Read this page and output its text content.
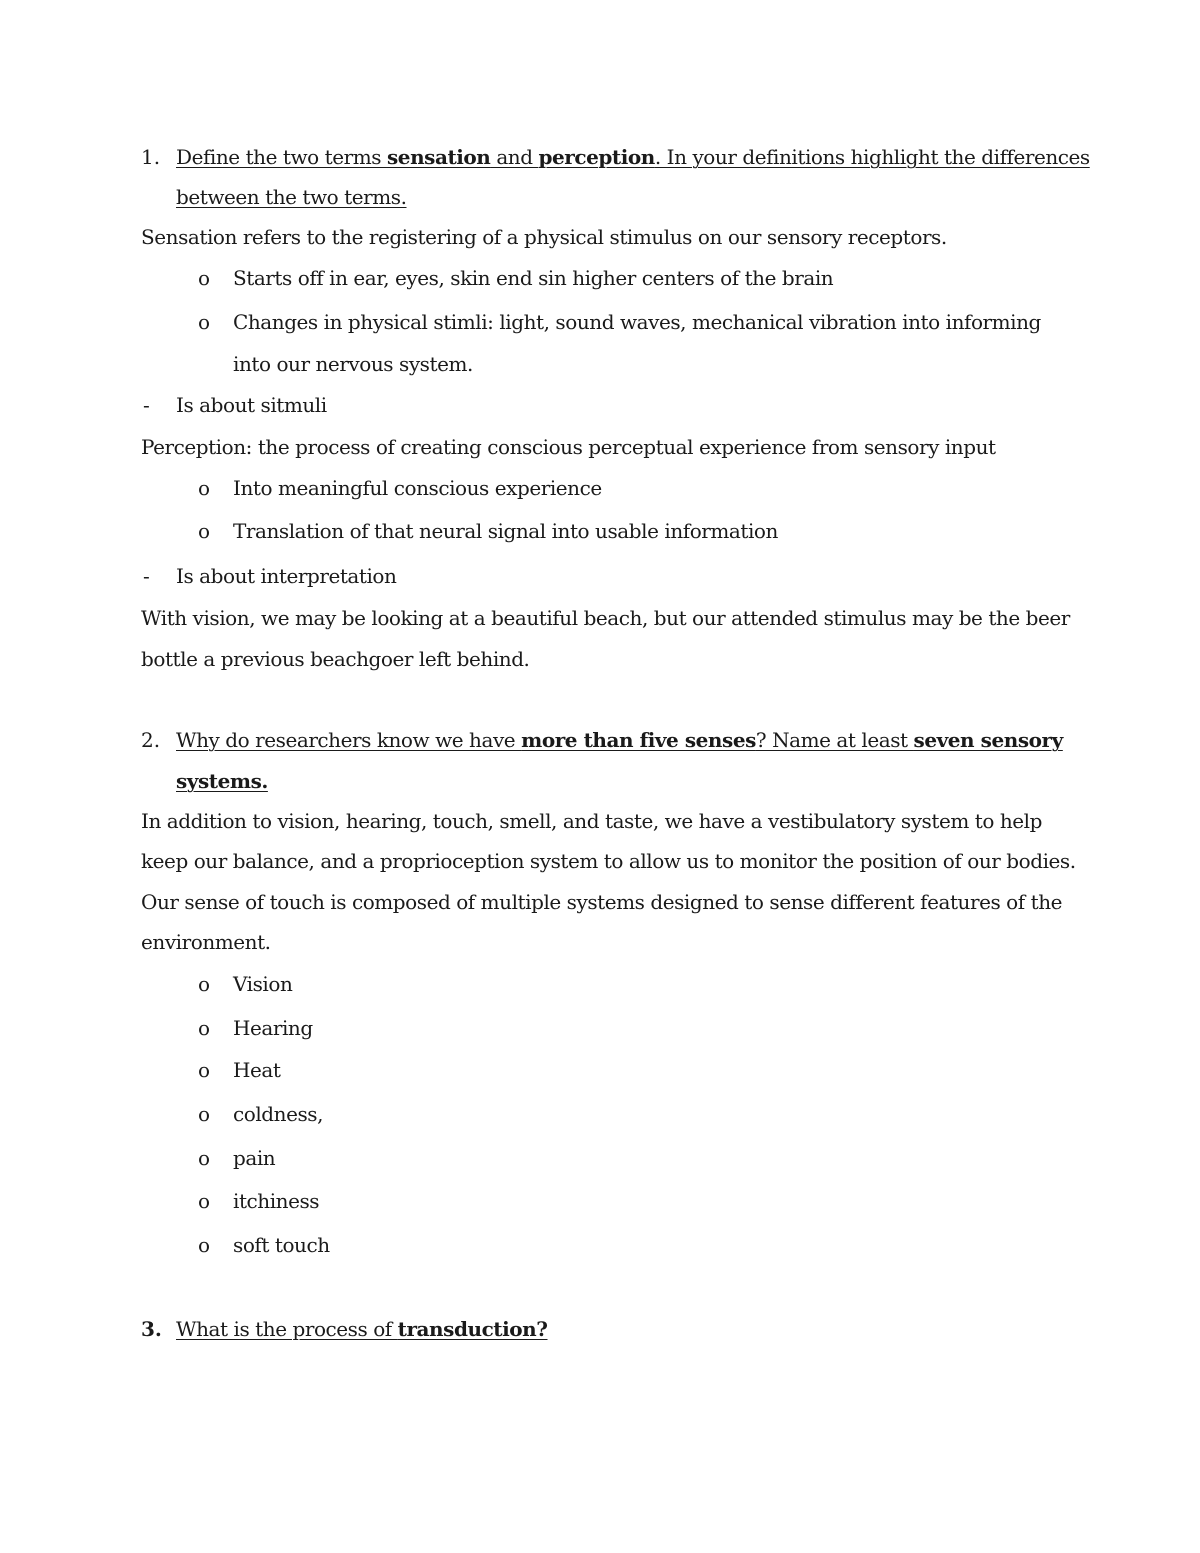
1. Define the two terms sensation and perception. In your definitions highlight the differences
between the two terms.
Sensation refers to the registering of a physical stimulus on our sensory receptors.
o Starts off in ear, eyes, skin end sin higher centers of the brain
o Changes in physical stimli: light, sound waves, mechanical vibration into informing
into our nervous system.
- Is about sitmuli
Perception: the process of creating conscious perceptual experience from sensory input
o Into meaningful conscious experience
o Translation of that neural signal into usable information
- Is about interpretation
With vision, we may be looking at a beautiful beach, but our attended stimulus may be the beer
bottle a previous beachgoer left behind.
2. Why do researchers know we have more than five senses? Name at least seven sensory
systems.
In addition to vision, hearing, touch, smell, and taste, we have a vestibulatory system to help
keep our balance, and a proprioception system to allow us to monitor the position of our bodies.
Our sense of touch is composed of multiple systems designed to sense different features of the
environment.
o Vision
o Hearing
o Heat
o coldness,
o pain
o itchiness
o soft touch
3. What is the process of transduction?
